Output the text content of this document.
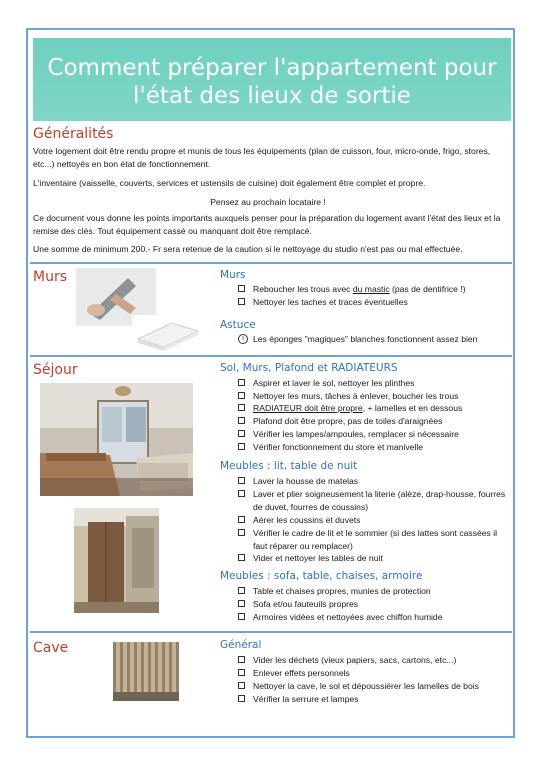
Comment préparer l'appartement pour l'état des lieux de sortie
Généralités

Votre logement doit être rendu propre et munis de tous les équipements (plan de cuisson, four, micro-onde, frigo, stores, etc...) nettoyés en bon état de fonctionnement.

L'inventaire (vaisselle, couverts, services et ustensils de cuisine) doit également être complet et propre.

Pensez au prochain locataire !

Ce document vous donne les points importants auxquels penser pour la préparation du logement avant l'état des lieux et la remise des clés. Tout équipement cassé ou manquant doit être remplacé.

Une somme de minimum 200.- Fr sera retenue de la caution si le nettoyage du studio n'est pas ou mal effectuée.

Murs	Murs
Reboucher les trous avec du mastic (pas de dentifrice !)
Nettoyer les taches et traces éventuelles
Astuce
i	Les éponges "magiques" blanches fonctionnent assez bien
Séjour	Sol, Murs, Plafond et RADIATEURS
Aspirer et laver le sol, nettoyer les plinthes
Nettoyer les murs, tâches à enlever, boucher les trous
RADIATEUR doit être propre, + lamelles et en dessous
Plafond doit être propre, pas de toiles d'araignées
Vérifier les lampes/ampoules, remplacer si nécessaire
Vérifier fonctionnement du store et manivelle
Meubles : lit, table de nuit
Laver la housse de matelas
Laver et plier soigneusement la literie (alèze, drap-housse, fourres de duvet, fourres de coussins)
Aérer les coussins et duvets
Vérifier le cadre de lit et le sommier (si des lattes sont cassées il faut réparer ou remplacer)
Vider et nettoyer les tables de nuit
Meubles : sofa, table, chaises, armoire
Table et chaises propres, munies de protection
Sofa et/ou fauteuils propres
Armoires vidées et nettoyées avec chiffon humide
Cave	Général
Vider les déchets (vieux papiers, sacs, cartons, etc...)
Enlever effets personnels
Nettoyer la cave, le sol et dépoussiérer les lamelles de bois
Vérifier la serrure et lampes
